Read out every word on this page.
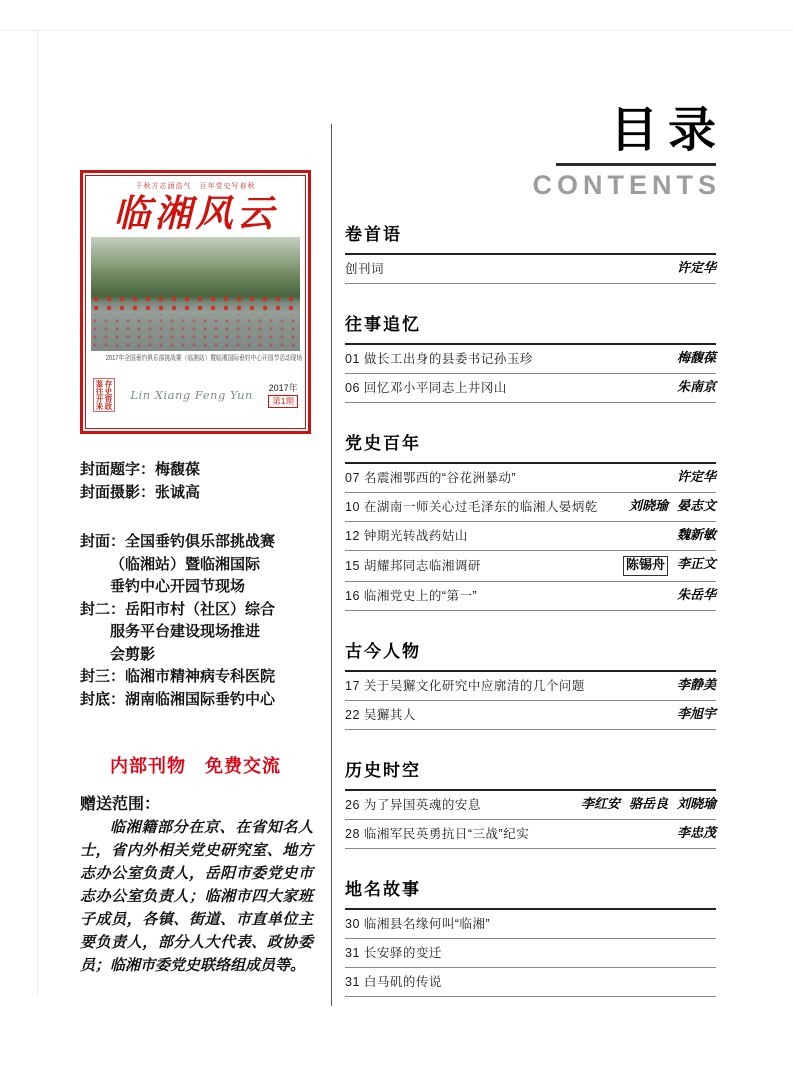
千秋方志涵浩气　百年党史写春秋
临湘风云
2017年全国垂钓俱乐部挑战赛（临湘站）暨临湘国际垂钓中心开园节活动现场
存史资政鉴往开来	Lin Xiang Feng Yun
2017年
第1期
封面题字：梅馥葆
封面摄影：张诚高
封面：全国垂钓俱乐部挑战赛
（临湘站）暨临湘国际
垂钓中心开园节现场
封二：岳阳市村（社区）综合
服务平台建设现场推进
会剪影
封三：临湘市精神病专科医院
封底：湖南临湘国际垂钓中心
内部刊物　免费交流
赠送范围：
临湘籍部分在京、在省知名人士，省内外相关党史研究室、地方志办公室负责人，岳阳市委党史市志办公室负责人；临湘市四大家班子成员，各镇、街道、市直单位主要负责人，部分人大代表、政协委员；临湘市委党史联络组成员等。
目录
CONTENTS
卷首语
创刊词	许定华
往事追忆
01 做长工出身的县委书记孙玉珍	梅馥葆
06 回忆邓小平同志上井冈山	朱南京
党史百年
07 名震湘鄂西的“谷花洲暴动”	许定华
10 在湖南一师关心过毛泽东的临湘人晏炳乾 刘晓瑜 晏志文
12 钟期光转战药姑山	魏新敏
15 胡耀邦同志临湘调研	陈锡舟 李正文
16 临湘党史上的“第一”	朱岳华
古今人物
17 关于吴獬文化研究中应廓清的几个问题	李静美
22 吴獬其人	李旭宇
历史时空
26 为了异国英魂的安息	李红安 骆岳良 刘晓瑜
28 临湘军民英勇抗日“三战”纪实	李忠茂
地名故事
30 临湘县名缘何叫“临湘”
31 长安驿的变迁
31 白马矶的传说
